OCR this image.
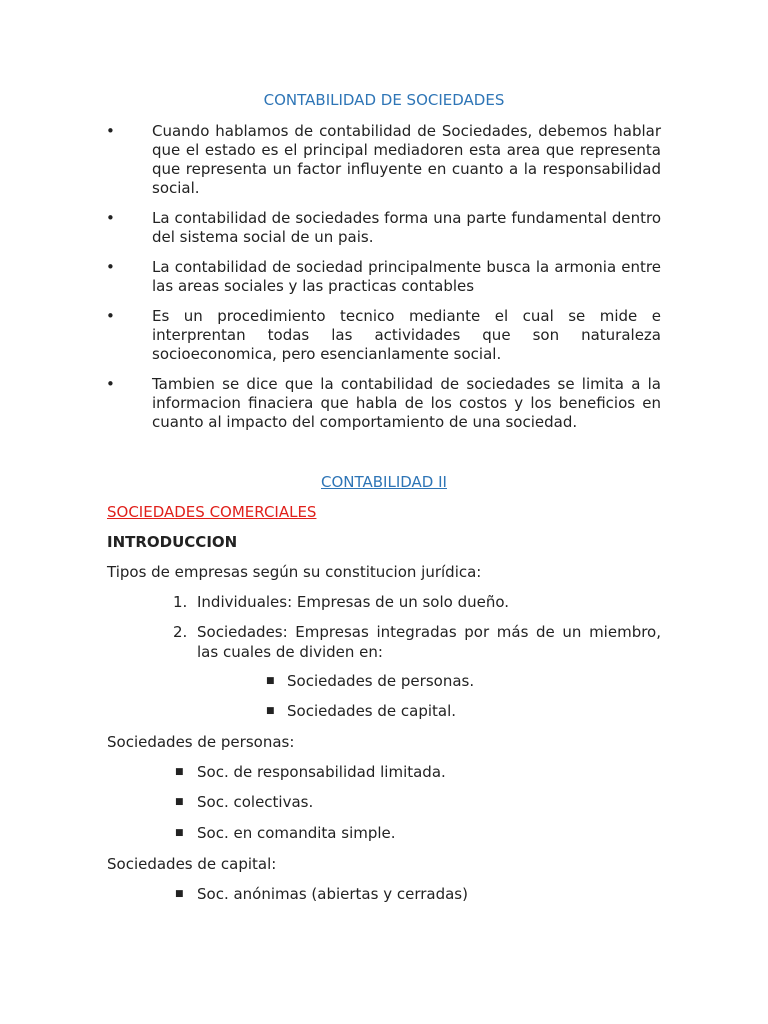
CONTABILIDAD DE SOCIEDADES
•	Cuando hablamos de contabilidad de Sociedades, debemos hablar que el estado es el principal mediadoren esta area que representa que representa un factor influyente en cuanto a la responsabilidad social.
•	La contabilidad de sociedades forma una parte fundamental dentro del sistema social de un pais.
•	La contabilidad de sociedad principalmente busca la armonia entre las areas sociales y las practicas contables
•	Es un procedimiento tecnico mediante el cual se mide e interprentan todas las actividades que son naturaleza socioeconomica, pero esencianlamente social.
•	Tambien se dice que la contabilidad de sociedades se limita a la informacion finaciera que habla de los costos y los beneficios en cuanto al impacto del comportamiento de una sociedad.
CONTABILIDAD II
SOCIEDADES COMERCIALES
INTRODUCCION
Tipos de empresas según su constitucion jurídica:
1. Individuales: Empresas de un solo dueño.
2. Sociedades: Empresas integradas por más de un miembro, las cuales de dividen en:
■ Sociedades de personas.
■ Sociedades de capital.
Sociedades de personas:
■ Soc. de responsabilidad limitada.
■ Soc. colectivas.
■ Soc. en comandita simple.
Sociedades de capital:
■ Soc. anónimas (abiertas y cerradas)
